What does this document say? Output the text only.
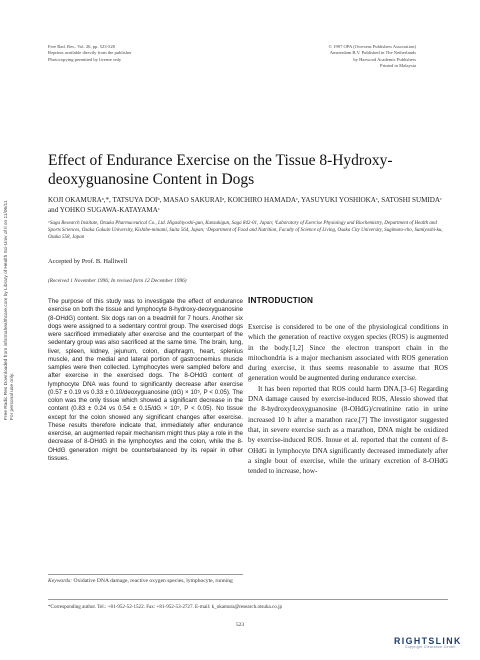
Free Rad. Res., Vol. 26, pp. 523-528
Reprints available directly from the publisher
Photocopying permitted by license only
© 1997 OPA (Overseas Publishers Association)
Amsterdam B.V. Published in The Netherlands
by Harwood Academic Publishers
Printed in Malaysia
Effect of Endurance Exercise on the Tissue 8-Hydroxy-deoxyguanosine Content in Dogs
KOJI OKAMURAᵃ,*, TATSUYA DOIᵇ, MASAO SAKURAIᵃ, KOICHIRO HAMADAᶜ, YASUYUKI YOSHIOKAᶜ, SATOSHI SUMIDAᶜ and YOHKO SUGAWA-KATAYAMAᶜ
ᵃSaga Research Institute, Otsuka Pharmaceutical Co., Ltd. Higashiyoshi-gun, Kanzakigun, Saga 842-01, Japan; ᵇLaboratory of Exercise Physiology and Biochemistry, Department of Health and Sports Sciences, Osaka Gakuin University, Kishibe-minami, Suita 564, Japan; ᶜDepartment of Food and Nutrition, Faculty of Science of Living, Osaka City University, Sugimoto-cho, Sumiyoshi-ku, Osaka 558, Japan
Accepted by Prof. B. Halliwell
(Received 1 November 1996; In revised form 12 December 1996)

The purpose of this study was to investigate the effect of endurance exercise on both the tissue and lymphocyte 8-hydroxy-deoxyguanosine (8-OHdG) content. Six dogs ran on a treadmill for 7 hours. Another six dogs were assigned to a sedentary control group. The exercised dogs were sacrificed immediately after exercise and the counterpart of the sedentary group was also sacrificed at the same time. The brain, lung, liver, spleen, kidney, jejunum, colon, diaphragm, heart, splenius muscle, and the medial and lateral portion of gastrocnemius muscle samples were then collected. Lymphocytes were sampled before and after exercise in the exercised dogs. The 8-OHdG content of lymphocyte DNA was found to significantly decrease after exercise (0.57 ± 0.19 vs 0.33 ± 0.10/deoxyguanosine (dG) × 10⁵, P < 0.05). The colon was the only tissue which showed a significant decrease in the content (0.83 ± 0.24 vs 0.54 ± 0.15/dG × 10⁵, P < 0.05). No tissue except for the colon showed any significant changes after exercise. These results therefore indicate that, immediately after endurance exercise, an augmented repair mechanism might thus play a role in the decrease of 8-OHdG in the lymphocytes and the colon, while the 8-OHdG generation might be counterbalanced by its repair in other tissues.

Keywords: Oxidative DNA damage, reactive oxygen species, lymphocyte, running
INTRODUCTION

Exercise is considered to be one of the physiological conditions in which the generation of reactive oxygen species (ROS) is augmented in the body.[1,2] Since the electron transport chain in the mitochondria is a major mechanism associated with ROS generation during exercise, it thus seems reasonable to assume that ROS generation would be augmented during endurance exercise.

It has been reported that ROS could harm DNA.[3–6] Regarding DNA damage caused by exercise-induced ROS, Alessio showed that the 8-hydroxydeoxyguanosine (8-OHdG)/creatinine ratio in urine increased 10 h after a marathon race.[7] The investigator suggested that, in severe exercise such as a marathon, DNA might be oxidized by exercise-induced ROS. Inoue et al. reported that the content of 8-OHdG in lymphocyte DNA significantly decreased immediately after a single bout of exercise, while the urinary excretion of 8-OHdG tended to increase, how-

*Corresponding author. Tel.: +81-952-52-1522. Fax: +81-952-53-2727. E-mail: k_okamura@research.otsuka.co.jp
523
Free Radic Res Downloaded from informahealthcare.com by Library of Health Sci-Univ of Il on 11/06/11 For personal use only.
RIGHTSLINK
Copyright Clearance Center
